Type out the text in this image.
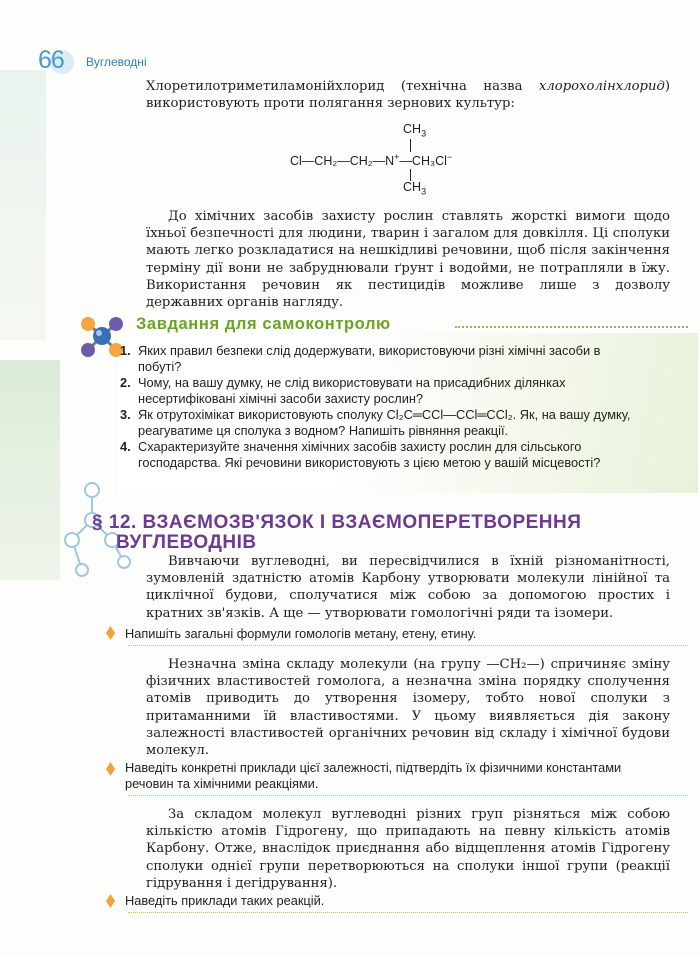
66 Вуглеводні

Хлоретилотриметиламонійхлорид (технічна назва хлорохолінхлорид) використовують проти полягання зернових культур:

$CH_3$
Cl—CH₂—CH₂—N+—CH₃Cl−
$CH_3$

До хімічних засобів захисту рослин ставлять жорсткі вимоги щодо їхньої безпечності для людини, тварин і загалом для довкілля. Ці сполуки мають легко розкладатися на нешкідливі речовини, щоб після закінчення терміну дії вони не забруднювали ґрунт і водойми, не потрапляли в їжу. Використання речовин як пестицидів можливе лише з дозволу державних органів нагляду.

Завдання для самоконтролю
1. Яких правил безпеки слід додержувати, використовуючи різні хімічні засоби в побуті?
2. Чому, на вашу думку, не слід використовувати на присадибних ділянках несертифіковані хімічні засоби захисту рослин?
3. Як отрутохімікат використовують сполуку Cl₂C═CCl—CCl═CCl₂. Як, на вашу думку, реагуватиме ця сполука з водном? Напишіть рівняння реакції.
4. Схарактеризуйте значення хімічних засобів захисту рослин для сільського господарства. Які речовини використовують з цією метою у вашій місцевості?
§ 12. ВЗАЄМОЗВ'ЯЗОК І ВЗАЄМОПЕРЕТВОРЕННЯ
ВУГЛЕВОДНІВ

Вивчаючи вуглеводні, ви пересвідчилися в їхній різноманітності, зумовленій здатністю атомів Карбону утворювати молекули лінійної та циклічної будови, сполучатися між собою за допомогою простих і кратних зв'язків. А ще — утворювати гомологічні ряди та ізомери.

Напишіть загальні формули гомологів метану, етену, етину.

Незначна зміна складу молекули (на групу —CH₂—) спричиняє зміну фізичних властивостей гомолога, а незначна зміна порядку сполучення атомів приводить до утворення ізомеру, тобто нової сполуки з притаманними їй властивостями. У цьому виявляється дія закону залежності властивостей органічних речовин від складу і хімічної будови молекул.

Наведіть конкретні приклади цієї залежності, підтвердіть їх фізичними константами речовин та хімічними реакціями.

За складом молекул вуглеводні різних груп різняться між собою кількістю атомів Гідрогену, що припадають на певну кількість атомів Карбону. Отже, внаслідок приєднання або відщеплення атомів Гідрогену сполуки однієї групи перетворюються на сполуки іншої групи (реакції гідрування і дегідрування).

Наведіть приклади таких реакцій.
